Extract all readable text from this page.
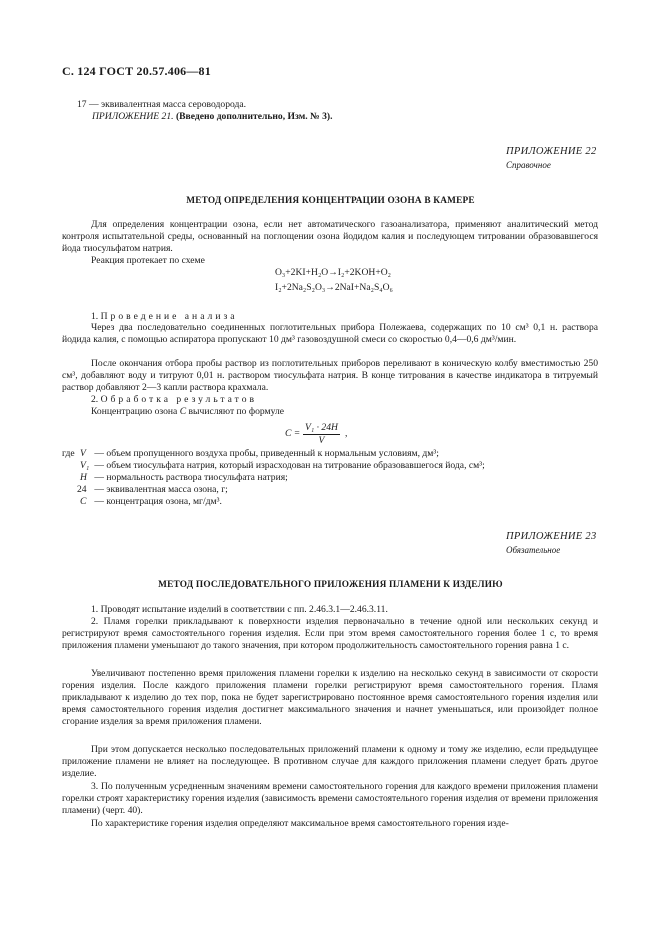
С. 124 ГОСТ 20.57.406—81
17 — эквивалентная масса сероводорода.
ПРИЛОЖЕНИЕ 21. (Введено дополнительно, Изм. № 3).
ПРИЛОЖЕНИЕ 22
Справочное
МЕТОД ОПРЕДЕЛЕНИЯ КОНЦЕНТРАЦИИ ОЗОНА В КАМЕРЕ

Для определения концентрации озона, если нет автоматического газоанализатора, применяют аналитический метод контроля испытательной среды, основанный на поглощении озона йодидом калия и последующем титровании образовавшегося йода тиосульфатом натрия.

Реакция протекает по схеме
O₃+2KI+H₂O→I₂+2KOH+O₂
I₂+2Na₂S₂O₃→2NaI+Na₂S₄O₆
1. Проведение анализа

Через два последовательно соединенных поглотительных прибора Полежаева, содержащих по 10 см³ 0,1 н. раствора йодида калия, с помощью аспиратора пропускают 10 дм³ газовоздушной смеси со скоростью 0,4—0,6 дм³/мин.

После окончания отбора пробы раствор из поглотительных приборов переливают в коническую колбу вместимостью 250 см³, добавляют воду и титруют 0,01 н. раствором тиосульфата натрия. В конце титрования в качестве индикатора в титруемый раствор добавляют 2—3 капли раствора крахмала.

2. Обработка результатов
Концентрацию озона C вычисляют по формуле
$C = \frac{\text{V₁ · 24H}}{V}$ ,
где V — объем пропущенного воздуха пробы, приведенный к нормальным условиям, дм³;
V₁ — объем тиосульфата натрия, который израсходован на титрование образовавшегося йода, см³;
H — нормальность раствора тиосульфата натрия;
24 — эквивалентная масса озона, г;
C — концентрация озона, мг/дм³.
ПРИЛОЖЕНИЕ 23
Обязательное
МЕТОД ПОСЛЕДОВАТЕЛЬНОГО ПРИЛОЖЕНИЯ ПЛАМЕНИ К ИЗДЕЛИЮ

1. Проводят испытание изделий в соответствии с пп. 2.46.3.1—2.46.3.11.

2. Пламя горелки прикладывают к поверхности изделия первоначально в течение одной или нескольких секунд и регистрируют время самостоятельного горения изделия. Если при этом время самостоятельного горения более 1 с, то время приложения пламени уменьшают до такого значения, при котором продолжительность самостоятельного горения равна 1 с.

Увеличивают постепенно время приложения пламени горелки к изделию на несколько секунд в зависимости от скорости горения изделия. После каждого приложения пламени горелки регистрируют время самостоятельного горения. Пламя прикладывают к изделию до тех пор, пока не будет зарегистрировано постоянное время самостоятельного горения изделия или время самостоятельного горения изделия достигнет максимального значения и начнет уменьшаться, или произойдет полное сгорание изделия за время приложения пламени.

При этом допускается несколько последовательных приложений пламени к одному и тому же изделию, если предыдущее приложение пламени не влияет на последующее. В противном случае для каждого приложения пламени следует брать другое изделие.

3. По полученным усредненным значениям времени самостоятельного горения для каждого времени приложения пламени горелки строят характеристику горения изделия (зависимость времени самостоятельного горения изделия от времени приложения пламени) (черт. 40).

По характеристике горения изделия определяют максимальное время самостоятельного горения изде-
